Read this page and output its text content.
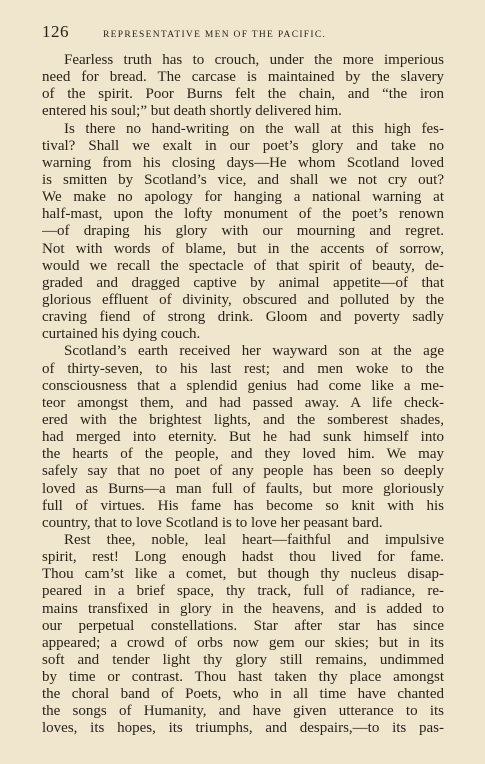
126	REPRESENTATIVE MEN OF THE PACIFIC.
Fearless truth has to crouch, under the more imperious
need for bread. The carcase is maintained by the slavery
of the spirit. Poor Burns felt the chain, and “the iron
entered his soul;” but death shortly delivered him.
Is there no hand-writing on the wall at this high fes-
tival? Shall we exalt in our poet’s glory and take no
warning from his closing days—He whom Scotland loved
is smitten by Scotland’s vice, and shall we not cry out?
We make no apology for hanging a national warning at
half-mast, upon the lofty monument of the poet’s renown
—of draping his glory with our mourning and regret.
Not with words of blame, but in the accents of sorrow,
would we recall the spectacle of that spirit of beauty, de-
graded and dragged captive by animal appetite—of that
glorious effluent of divinity, obscured and polluted by the
craving fiend of strong drink. Gloom and poverty sadly
curtained his dying couch.
Scotland’s earth received her wayward son at the age
of thirty-seven, to his last rest; and men woke to the
consciousness that a splendid genius had come like a me-
teor amongst them, and had passed away. A life check-
ered with the brightest lights, and the somberest shades,
had merged into eternity. But he had sunk himself into
the hearts of the people, and they loved him. We may
safely say that no poet of any people has been so deeply
loved as Burns—a man full of faults, but more gloriously
full of virtues. His fame has become so knit with his
country, that to love Scotland is to love her peasant bard.
Rest thee, noble, leal heart—faithful and impulsive
spirit, rest! Long enough hadst thou lived for fame.
Thou cam’st like a comet, but though thy nucleus disap-
peared in a brief space, thy track, full of radiance, re-
mains transfixed in glory in the heavens, and is added to
our perpetual constellations. Star after star has since
appeared; a crowd of orbs now gem our skies; but in its
soft and tender light thy glory still remains, undimmed
by time or contrast. Thou hast taken thy place amongst
the choral band of Poets, who in all time have chanted
the songs of Humanity, and have given utterance to its
loves, its hopes, its triumphs, and despairs,—to its pas-
